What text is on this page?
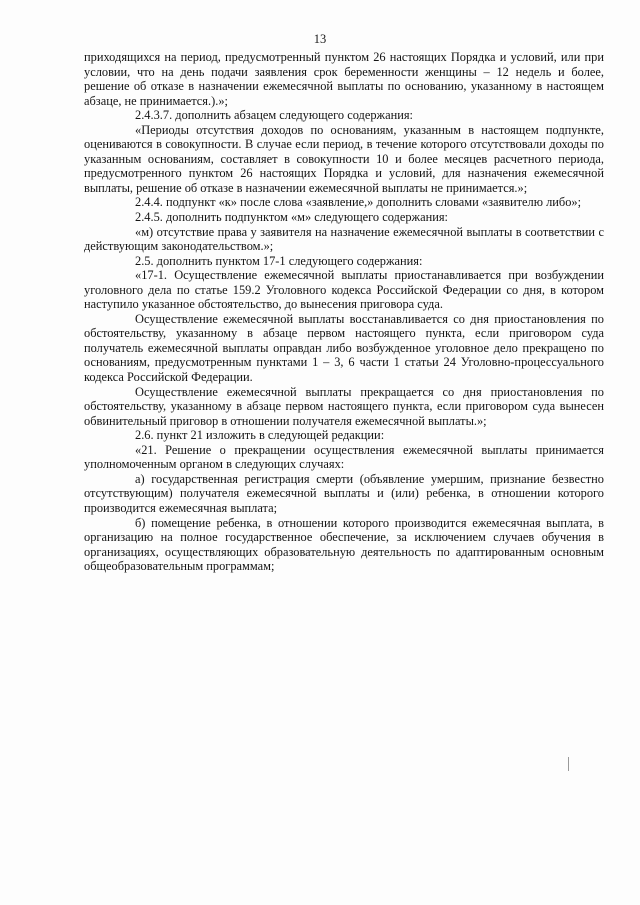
13

приходящихся на период, предусмотренный пунктом 26 настоящих Порядка и условий, или при условии, что на день подачи заявления срок беременности женщины – 12 недель и более, решение об отказе в назначении ежемесячной выплаты по основанию, указанному в настоящем абзаце, не принимается.).»;

2.4.3.7. дополнить абзацем следующего содержания:

«Периоды отсутствия доходов по основаниям, указанным в настоящем подпункте, оцениваются в совокупности. В случае если период, в течение которого отсутствовали доходы по указанным основаниям, составляет в совокупности 10 и более месяцев расчетного периода, предусмотренного пунктом 26 настоящих Порядка и условий, для назначения ежемесячной выплаты, решение об отказе в назначении ежемесячной выплаты не принимается.»;

2.4.4. подпункт «к» после слова «заявление,» дополнить словами «заявителю либо»;

2.4.5. дополнить подпунктом «м» следующего содержания:

«м) отсутствие права у заявителя на назначение ежемесячной выплаты в соответствии с действующим законодательством.»;

2.5. дополнить пунктом 17-1 следующего содержания:

«17-1. Осуществление ежемесячной выплаты приостанавливается при возбуждении уголовного дела по статье 159.2 Уголовного кодекса Российской Федерации со дня, в котором наступило указанное обстоятельство, до вынесения приговора суда.

Осуществление ежемесячной выплаты восстанавливается со дня приостановления по обстоятельству, указанному в абзаце первом настоящего пункта, если приговором суда получатель ежемесячной выплаты оправдан либо возбужденное уголовное дело прекращено по основаниям, предусмотренным пунктами 1 – 3, 6 части 1 статьи 24 Уголовно-процессуального кодекса Российской Федерации.

Осуществление ежемесячной выплаты прекращается со дня приостановления по обстоятельству, указанному в абзаце первом настоящего пункта, если приговором суда вынесен обвинительный приговор в отношении получателя ежемесячной выплаты.»;

2.6. пункт 21 изложить в следующей редакции:

«21. Решение о прекращении осуществления ежемесячной выплаты принимается уполномоченным органом в следующих случаях:

а) государственная регистрация смерти (объявление умершим, признание безвестно отсутствующим) получателя ежемесячной выплаты и (или) ребенка, в отношении которого производится ежемесячная выплата;

б) помещение ребенка, в отношении которого производится ежемесячная выплата, в организацию на полное государственное обеспечение, за исключением случаев обучения в организациях, осуществляющих образовательную деятельность по адаптированным основным общеобразовательным программам;
